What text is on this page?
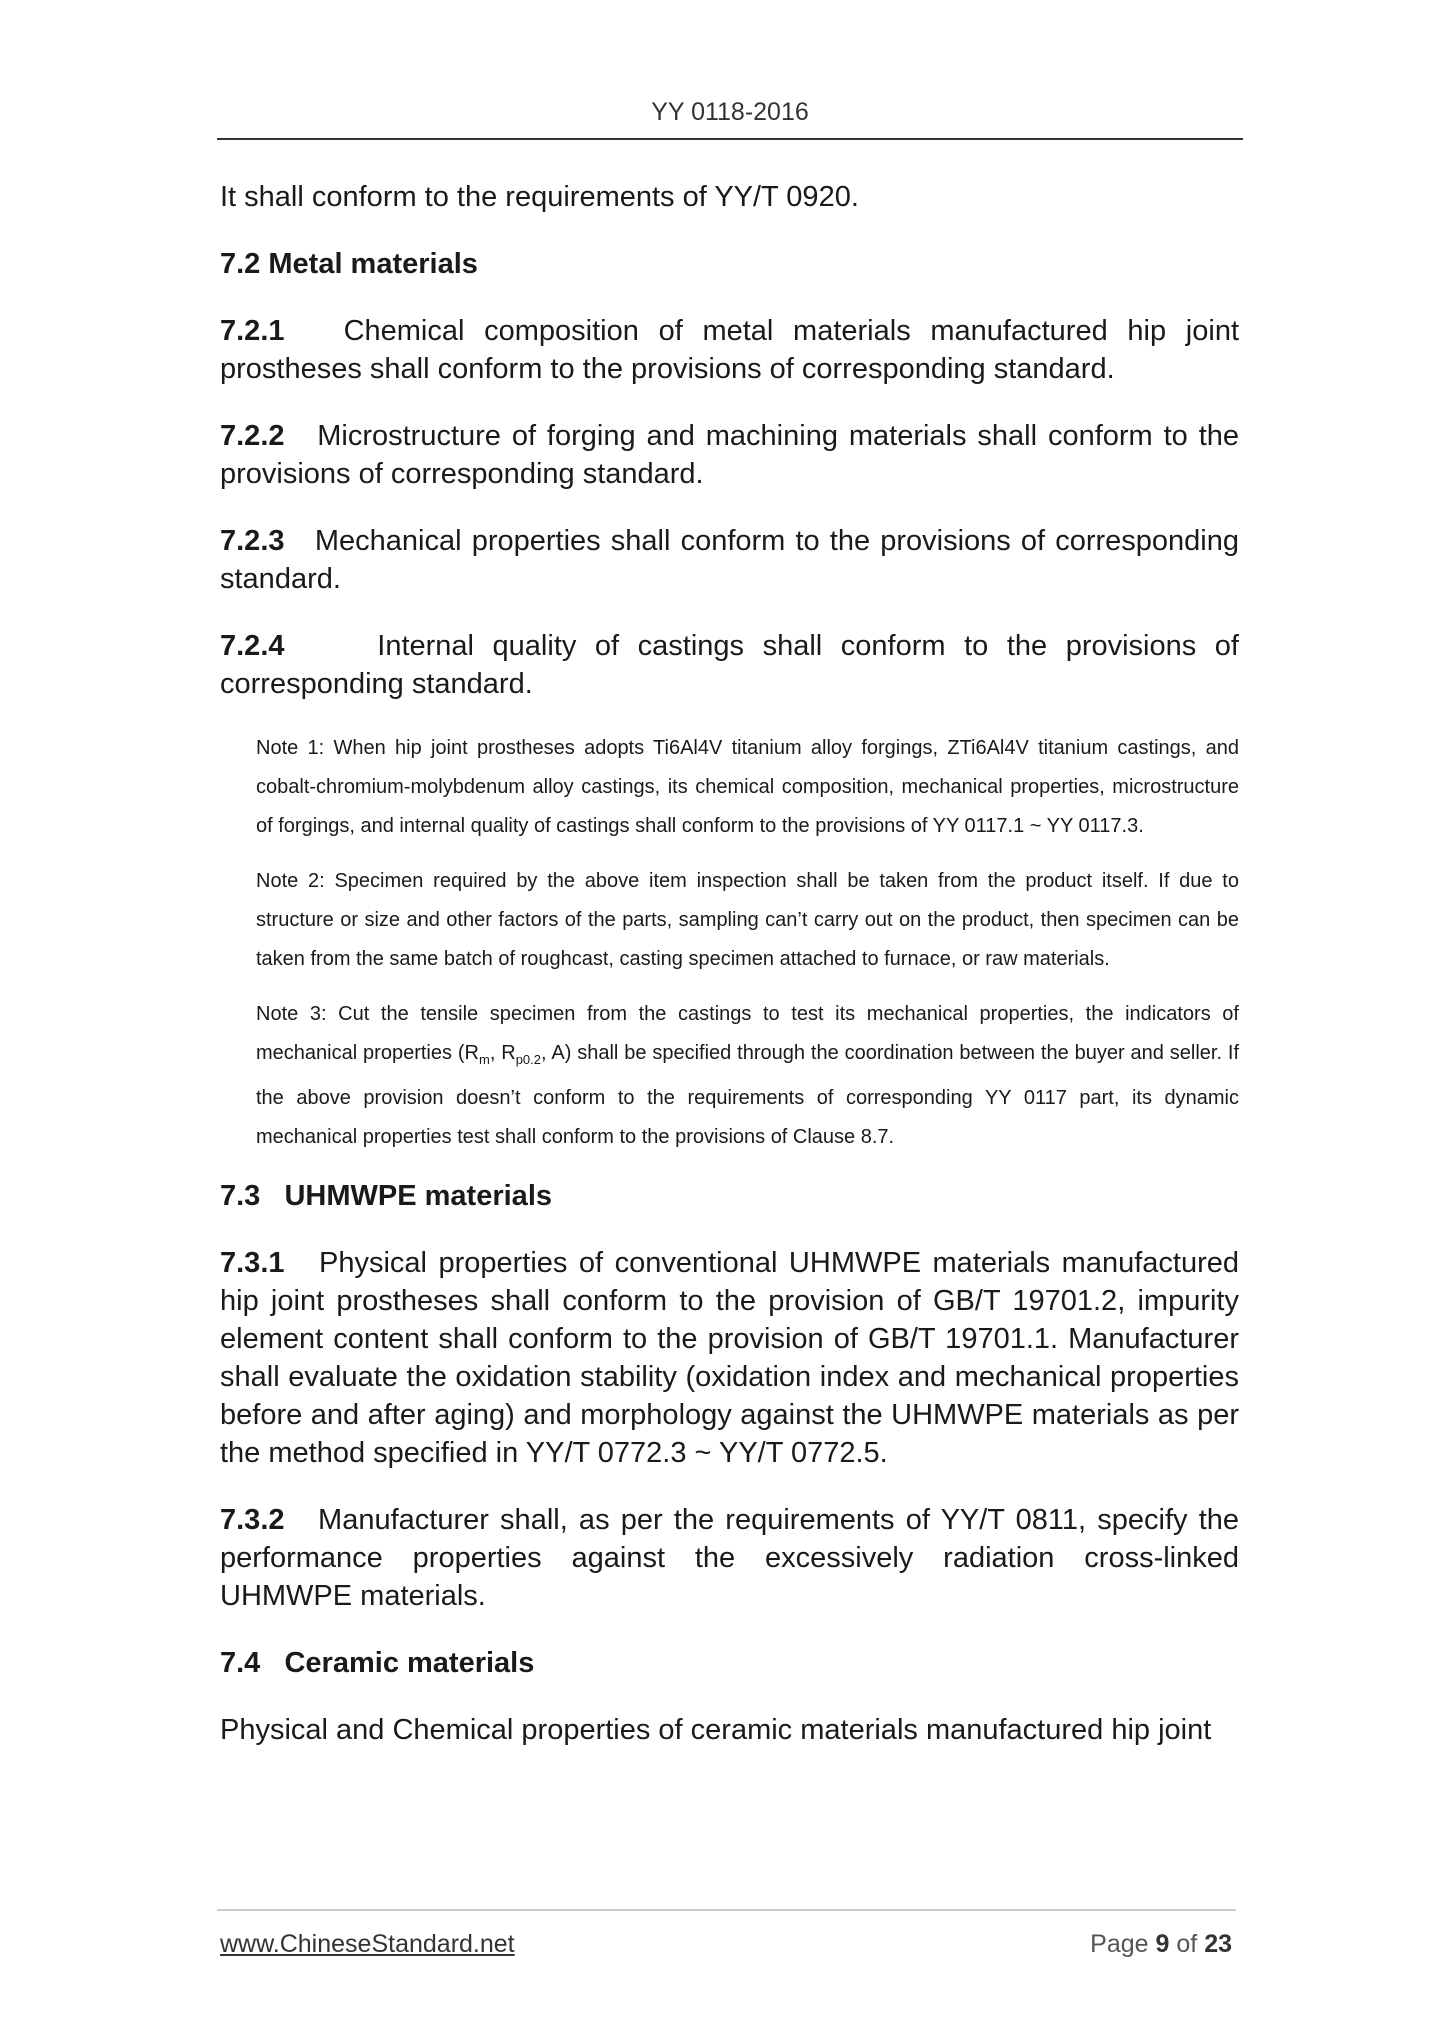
YY 0118-2016

It shall conform to the requirements of YY/T 0920.

7.2 Metal materials

7.2.1 Chemical composition of metal materials manufactured hip joint prostheses shall conform to the provisions of corresponding standard.

7.2.2 Microstructure of forging and machining materials shall conform to the provisions of corresponding standard.

7.2.3 Mechanical properties shall conform to the provisions of corresponding standard.

7.2.4	Internal quality of castings shall conform to the provisions of corresponding standard.

Note 1: When hip joint prostheses adopts Ti6Al4V titanium alloy forgings, ZTi6Al4V titanium castings, and cobalt-chromium-molybdenum alloy castings, its chemical composition, mechanical properties, microstructure of forgings, and internal quality of castings shall conform to the provisions of YY 0117.1 ~ YY 0117.3.

Note 2: Specimen required by the above item inspection shall be taken from the product itself. If due to structure or size and other factors of the parts, sampling can’t carry out on the product, then specimen can be taken from the same batch of roughcast, casting specimen attached to furnace, or raw materials.

Note 3: Cut the tensile specimen from the castings to test its mechanical properties, the indicators of mechanical properties ($R_m$, $R_{p0.2}$, A) shall be specified through the coordination between the buyer and seller. If the above provision doesn’t conform to the requirements of corresponding YY 0117 part, its dynamic mechanical properties test shall conform to the provisions of Clause 8.7.

7.3   UHMWPE materials

7.3.1 Physical properties of conventional UHMWPE materials manufactured hip joint prostheses shall conform to the provision of GB/T 19701.2, impurity element content shall conform to the provision of GB/T 19701.1. Manufacturer shall evaluate the oxidation stability (oxidation index and mechanical properties before and after aging) and morphology against the UHMWPE materials as per the method specified in YY/T 0772.3 ~ YY/T 0772.5.

7.3.2 Manufacturer shall, as per the requirements of YY/T 0811, specify the performance properties against the excessively radiation cross-linked UHMWPE materials.

7.4   Ceramic materials

Physical and Chemical properties of ceramic materials manufactured hip joint

www.ChineseStandard.net	Page 9 of 23
